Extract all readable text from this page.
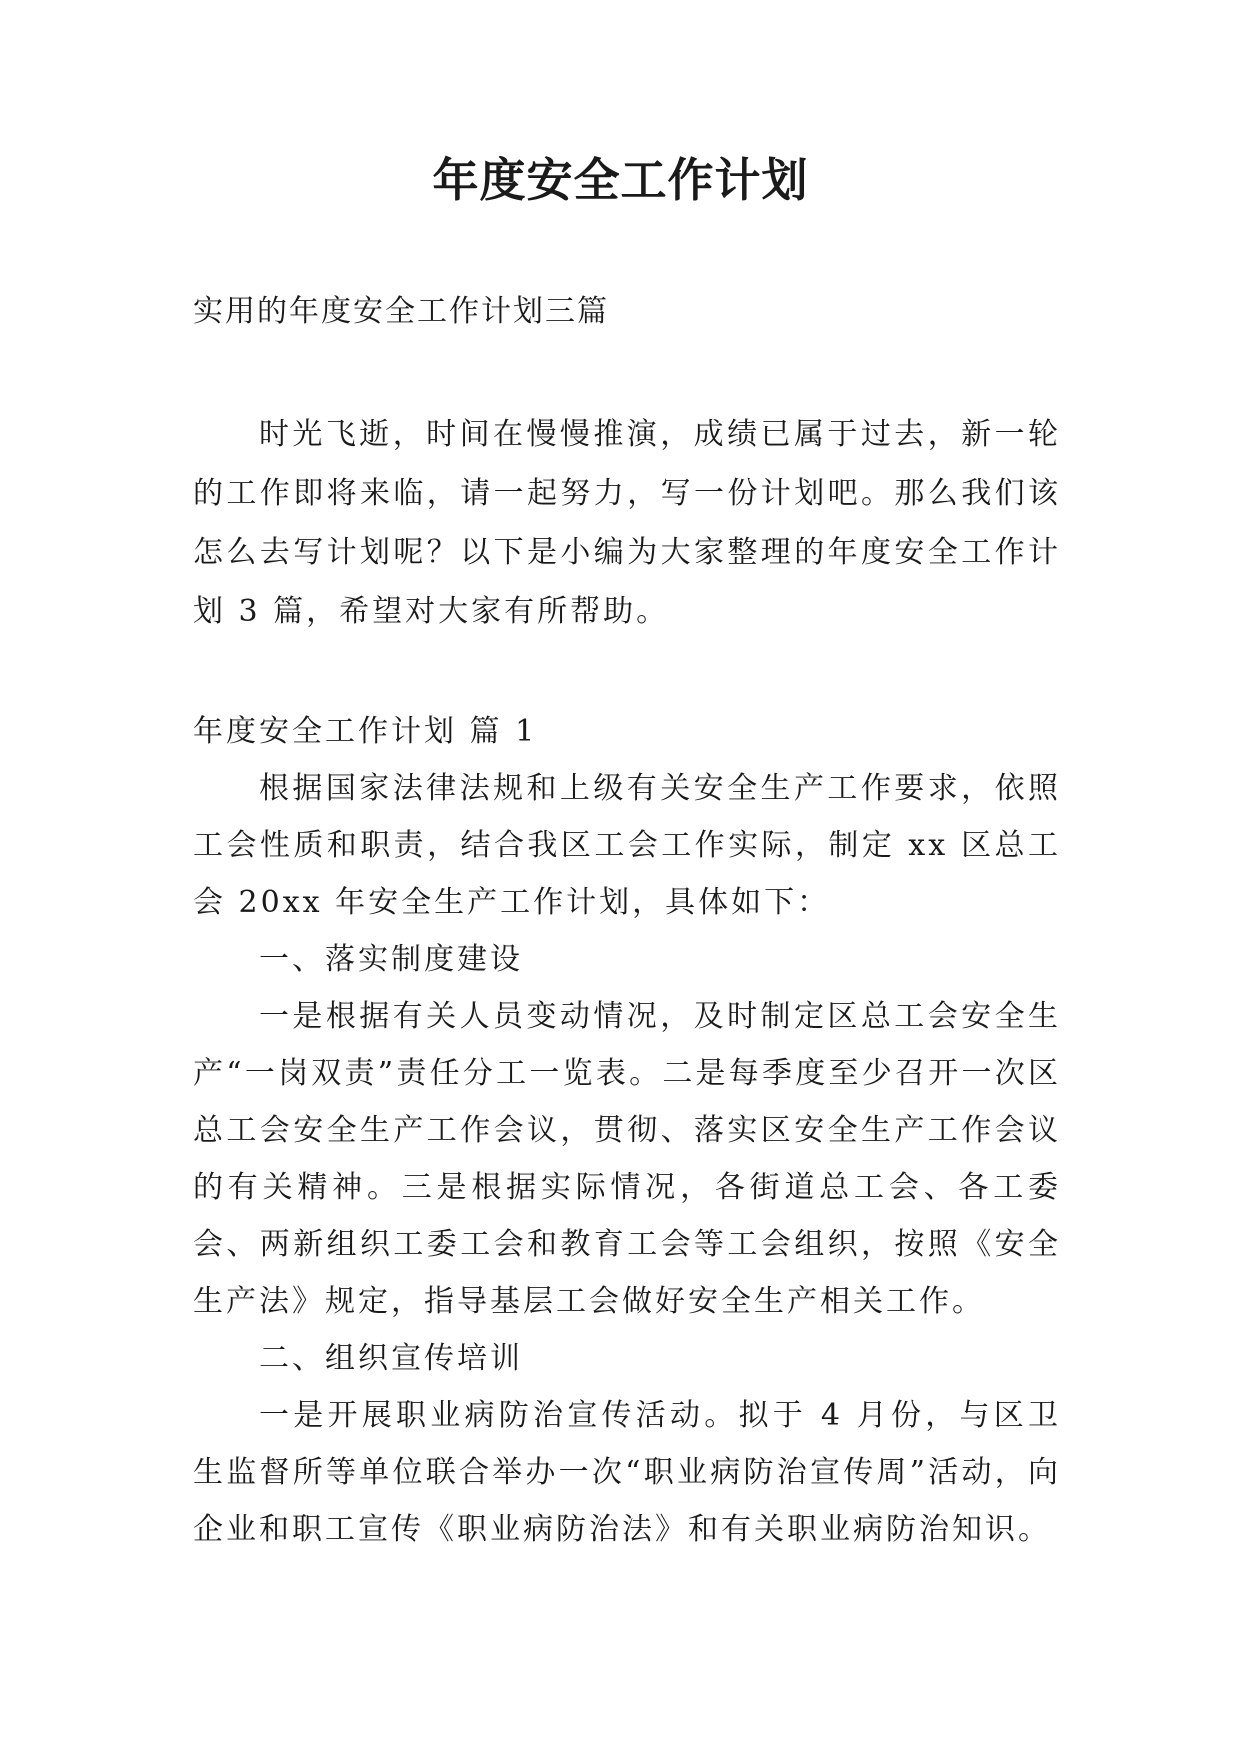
年度安全工作计划
实用的年度安全工作计划三篇

时光飞逝，时间在慢慢推演，成绩已属于过去，新一轮的工作即将来临，请一起努力，写一份计划吧。那么我们该怎么去写计划呢？以下是小编为大家整理的年度安全工作计划 3 篇，希望对大家有所帮助。

年度安全工作计划 篇 1

根据国家法律法规和上级有关安全生产工作要求，依照工会性质和职责，结合我区工会工作实际，制定 xx 区总工会 20xx 年安全生产工作计划，具体如下：

一、落实制度建设

一是根据有关人员变动情况，及时制定区总工会安全生产“一岗双责”责任分工一览表。二是每季度至少召开一次区总工会安全生产工作会议，贯彻、落实区安全生产工作会议的有关精神。三是根据实际情况，各街道总工会、各工委会、两新组织工委工会和教育工会等工会组织，按照《安全生产法》规定，指导基层工会做好安全生产相关工作。

二、组织宣传培训

一是开展职业病防治宣传活动。拟于 4 月份，与区卫生监督所等单位联合举办一次“职业病防治宣传周”活动，向企业和职工宣传《职业病防治法》和有关职业病防治知识。
